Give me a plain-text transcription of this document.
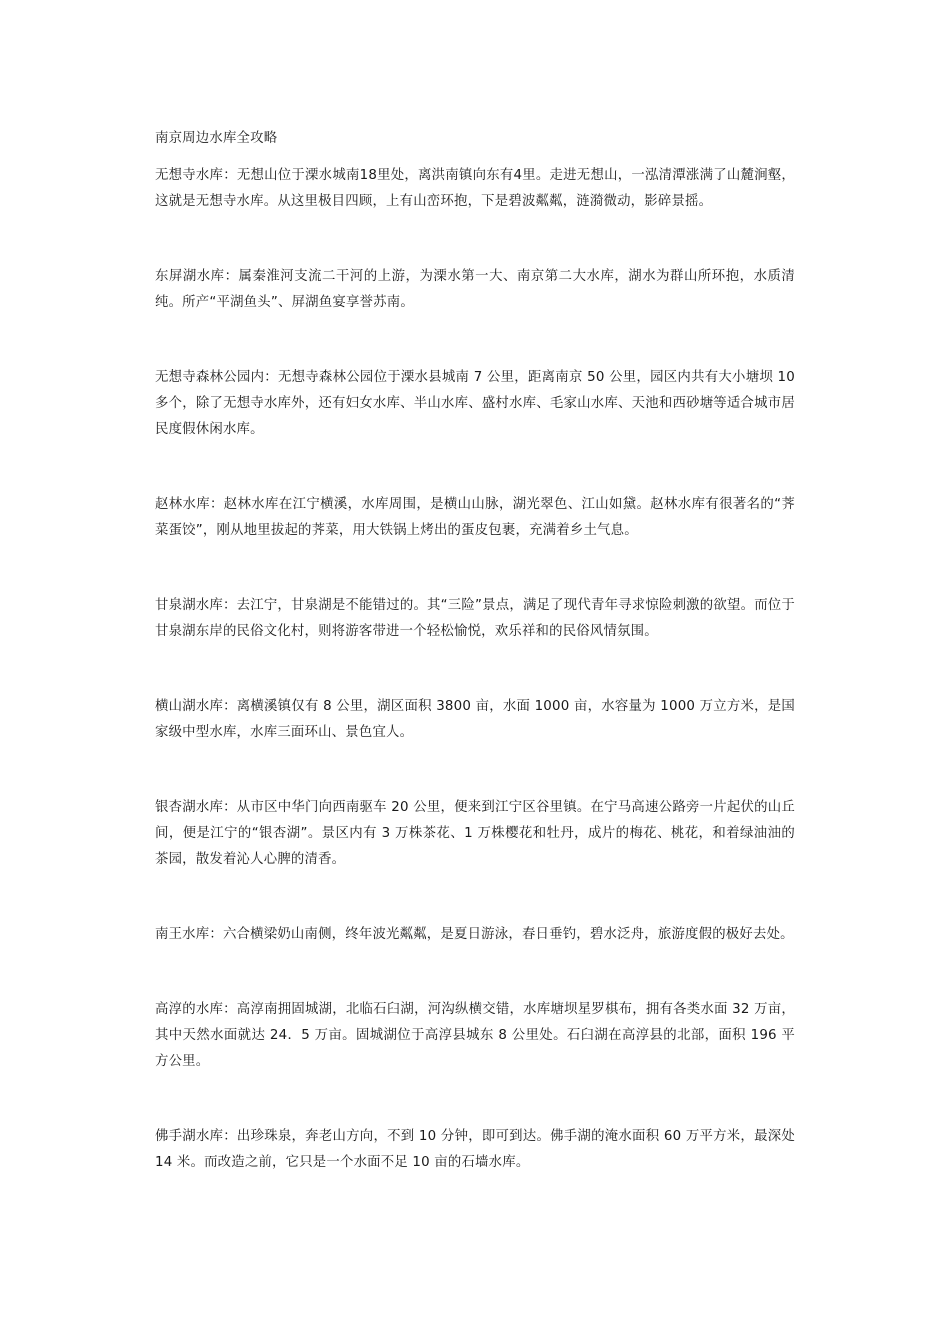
南京周边水库全攻略

无想寺水库：无想山位于溧水城南18里处，离洪南镇向东有4里。走进无想山，一泓清潭涨满了山麓涧壑，这就是无想寺水库。从这里极目四顾，上有山峦环抱，下是碧波粼粼，涟漪微动，影碎景摇。

东屏湖水库：属秦淮河支流二干河的上游，为溧水第一大、南京第二大水库，湖水为群山所环抱，水质清纯。所产“平湖鱼头”、屏湖鱼宴享誉苏南。

无想寺森林公园内：无想寺森林公园位于溧水县城南 7 公里，距离南京 50 公里，园区内共有大小塘坝 10 多个，除了无想寺水库外，还有妇女水库、半山水库、盛村水库、毛家山水库、天池和西砂塘等适合城市居民度假休闲水库。

赵林水库：赵林水库在江宁横溪，水库周围，是横山山脉，湖光翠色、江山如黛。赵林水库有很著名的“荠菜蛋饺”，刚从地里拔起的荠菜，用大铁锅上烤出的蛋皮包裹，充满着乡土气息。

甘泉湖水库：去江宁，甘泉湖是不能错过的。其“三险”景点，满足了现代青年寻求惊险刺激的欲望。而位于甘泉湖东岸的民俗文化村，则将游客带进一个轻松愉悦，欢乐祥和的民俗风情氛围。

横山湖水库：离横溪镇仅有 8 公里，湖区面积 3800 亩，水面 1000 亩，水容量为 1000 万立方米，是国家级中型水库，水库三面环山、景色宜人。

银杏湖水库：从市区中华门向西南驱车 20 公里，便来到江宁区谷里镇。在宁马高速公路旁一片起伏的山丘间，便是江宁的“银杏湖”。景区内有 3 万株茶花、1 万株樱花和牡丹，成片的梅花、桃花，和着绿油油的茶园，散发着沁人心脾的清香。

南王水库：六合横梁奶山南侧，终年波光粼粼，是夏日游泳，春日垂钓，碧水泛舟，旅游度假的极好去处。

高淳的水库：高淳南拥固城湖，北临石臼湖，河沟纵横交错，水库塘坝星罗棋布，拥有各类水面 32 万亩，其中天然水面就达 24．5 万亩。固城湖位于高淳县城东 8 公里处。石臼湖在高淳县的北部，面积 196 平方公里。

佛手湖水库：出珍珠泉，奔老山方向，不到 10 分钟，即可到达。佛手湖的淹水面积 60 万平方米，最深处 14 米。而改造之前，它只是一个水面不足 10 亩的石墙水库。
